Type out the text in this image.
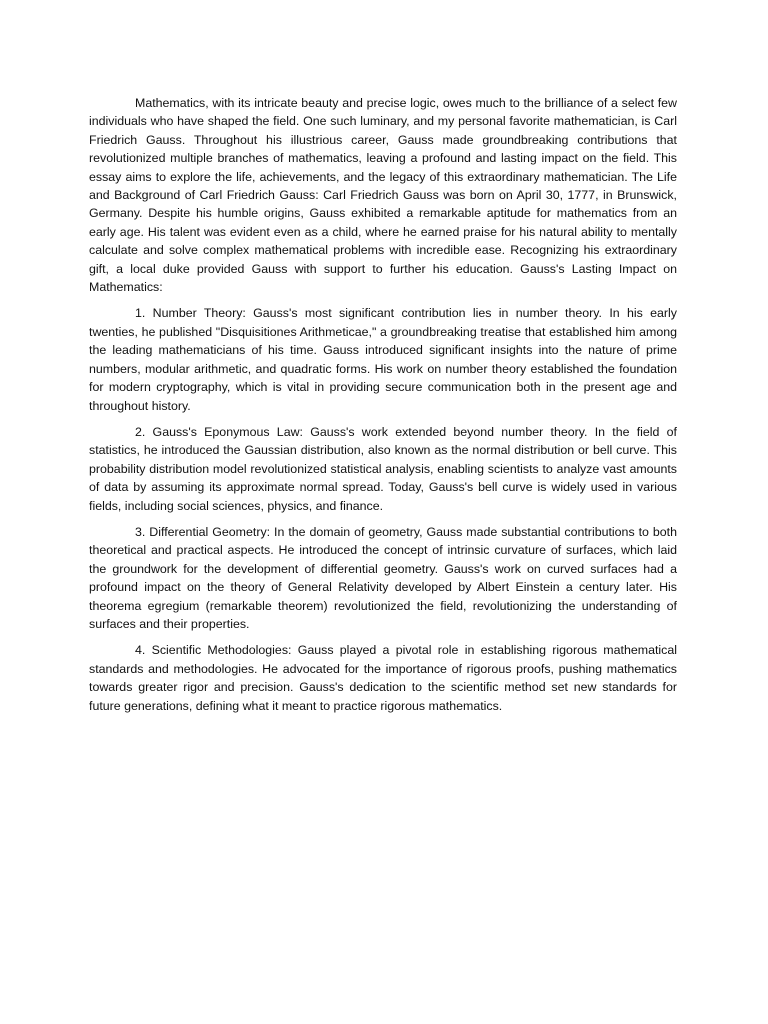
Mathematics, with its intricate beauty and precise logic, owes much to the brilliance of a select few individuals who have shaped the field. One such luminary, and my personal favorite mathematician, is Carl Friedrich Gauss. Throughout his illustrious career, Gauss made groundbreaking contributions that revolutionized multiple branches of mathematics, leaving a profound and lasting impact on the field. This essay aims to explore the life, achievements, and the legacy of this extraordinary mathematician. The Life and Background of Carl Friedrich Gauss: Carl Friedrich Gauss was born on April 30, 1777, in Brunswick, Germany. Despite his humble origins, Gauss exhibited a remarkable aptitude for mathematics from an early age. His talent was evident even as a child, where he earned praise for his natural ability to mentally calculate and solve complex mathematical problems with incredible ease. Recognizing his extraordinary gift, a local duke provided Gauss with support to further his education. Gauss's Lasting Impact on Mathematics:

1. Number Theory: Gauss's most significant contribution lies in number theory. In his early twenties, he published "Disquisitiones Arithmeticae," a groundbreaking treatise that established him among the leading mathematicians of his time. Gauss introduced significant insights into the nature of prime numbers, modular arithmetic, and quadratic forms. His work on number theory established the foundation for modern cryptography, which is vital in providing secure communication both in the present age and throughout history.

2. Gauss's Eponymous Law: Gauss's work extended beyond number theory. In the field of statistics, he introduced the Gaussian distribution, also known as the normal distribution or bell curve. This probability distribution model revolutionized statistical analysis, enabling scientists to analyze vast amounts of data by assuming its approximate normal spread. Today, Gauss's bell curve is widely used in various fields, including social sciences, physics, and finance.

3. Differential Geometry: In the domain of geometry, Gauss made substantial contributions to both theoretical and practical aspects. He introduced the concept of intrinsic curvature of surfaces, which laid the groundwork for the development of differential geometry. Gauss's work on curved surfaces had a profound impact on the theory of General Relativity developed by Albert Einstein a century later. His theorema egregium (remarkable theorem) revolutionized the field, revolutionizing the understanding of surfaces and their properties.

4. Scientific Methodologies: Gauss played a pivotal role in establishing rigorous mathematical standards and methodologies. He advocated for the importance of rigorous proofs, pushing mathematics towards greater rigor and precision. Gauss's dedication to the scientific method set new standards for future generations, defining what it meant to practice rigorous mathematics.
